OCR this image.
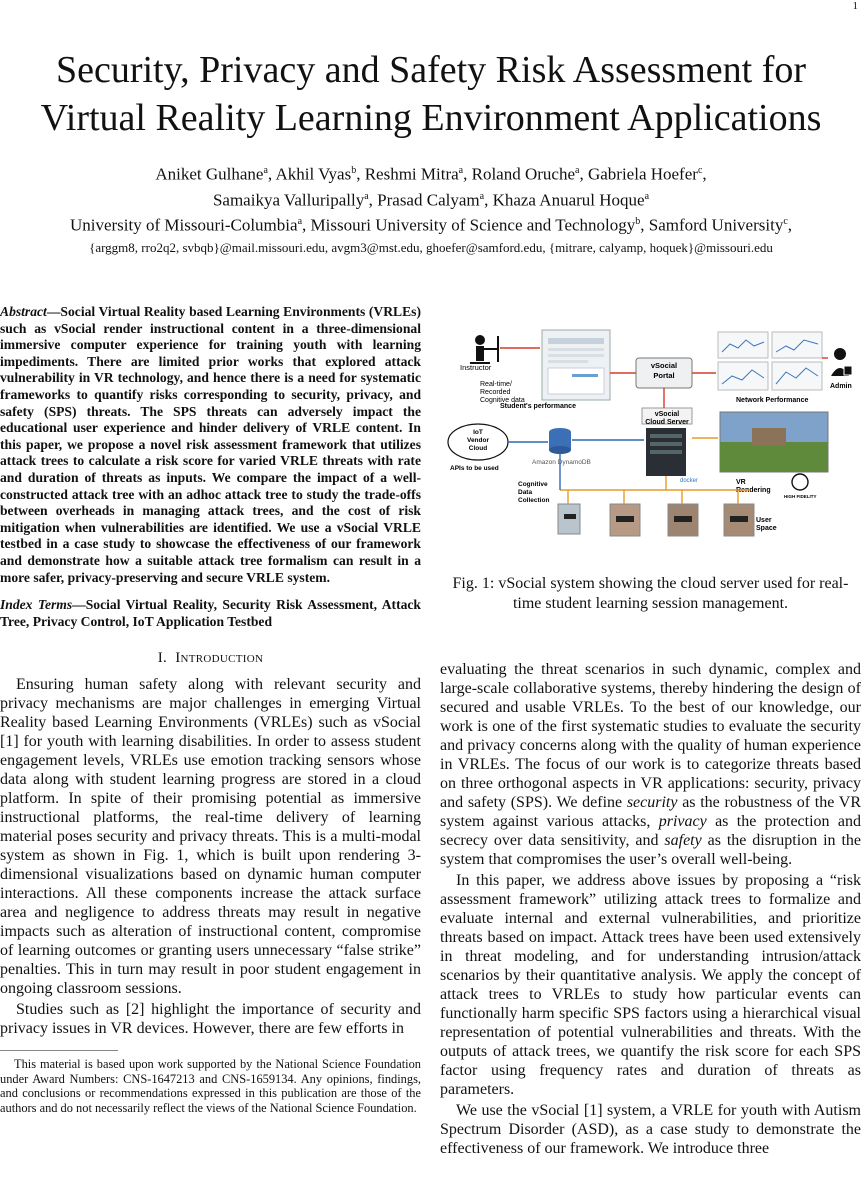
1
Security, Privacy and Safety Risk Assessment for Virtual Reality Learning Environment Applications
Aniket Gulhane$^a$, Akhil Vyas$^b$, Reshmi Mitra$^a$, Roland Oruche$^a$, Gabriela Hoefer$^c$,
Samaikya Valluripally$^a$, Prasad Calyam$^a$, Khaza Anuarul Hoque$^a$
University of Missouri-Columbia$^a$, Missouri University of Science and Technology$^b$, Samford University$^c$,
{arggm8, rro2q2, svbqb}@mail.missouri.edu, avgm3@mst.edu, ghoefer@samford.edu, {mitrare, calyamp, hoquek}@missouri.edu

Abstract—Social Virtual Reality based Learning Environments (VRLEs) such as vSocial render instructional content in a three-dimensional immersive computer experience for training youth with learning impediments. There are limited prior works that explored attack vulnerability in VR technology, and hence there is a need for systematic frameworks to quantify risks corresponding to security, privacy, and safety (SPS) threats. The SPS threats can adversely impact the educational user experience and hinder delivery of VRLE content. In this paper, we propose a novel risk assessment framework that utilizes attack trees to calculate a risk score for varied VRLE threats with rate and duration of threats as inputs. We compare the impact of a well-constructed attack tree with an adhoc attack tree to study the trade-offs between overheads in managing attack trees, and the cost of risk mitigation when vulnerabilities are identified. We use a vSocial VRLE testbed in a case study to showcase the effectiveness of our framework and demonstrate how a suitable attack tree formalism can result in a more safer, privacy-preserving and secure VRLE system.

Index Terms—Social Virtual Reality, Security Risk Assessment, Attack Tree, Privacy Control, IoT Application Testbed

I. Introduction

Ensuring human safety along with relevant security and privacy mechanisms are major challenges in emerging Virtual Reality based Learning Environments (VRLEs) such as vSocial [1] for youth with learning disabilities. In order to assess student engagement levels, VRLEs use emotion tracking sensors whose data along with student learning progress are stored in a cloud platform. In spite of their promising potential as immersive instructional platforms, the real-time delivery of learning material poses security and privacy threats. This is a multi-modal system as shown in Fig. 1, which is built upon rendering 3-dimensional visualizations based on dynamic human computer interactions. All these components increase the attack surface area and negligence to address threats may result in negative impacts such as alteration of instructional content, compromise of learning outcomes or granting users unnecessary “false strike” penalties. This in turn may result in poor student engagement in ongoing classroom sessions.

Studies such as [2] highlight the importance of security and privacy issues in VR devices. However, there are few efforts in

This material is based upon work supported by the National Science Foundation under Award Numbers: CNS-1647213 and CNS-1659134. Any opinions, findings, and conclusions or recommendations expressed in this publication are those of the authors and do not necessarily reflect the views of the National Science Foundation.

Instructor
Real-time/
Recorded
Cognitive data
Student's performance
vSocial
Portal
Network Performance
Admin
vSocial
Cloud Server
docker
IoT
Vendor
Cloud
APIs to be used
Amazon DynamoDB
VR
Rendering
HIGH FIDELITY
Cognitive
Data
Collection
User
Space
Fig. 1: vSocial system showing the cloud server used for real-time student learning session management.

evaluating the threat scenarios in such dynamic, complex and large-scale collaborative systems, thereby hindering the design of secured and usable VRLEs. To the best of our knowledge, our work is one of the first systematic studies to evaluate the security and privacy concerns along with the quality of human experience in VRLEs. The focus of our work is to categorize threats based on three orthogonal aspects in VR applications: security, privacy and safety (SPS). We define security as the robustness of the VR system against various attacks, privacy as the protection and secrecy over data sensitivity, and safety as the disruption in the system that compromises the user’s overall well-being.

In this paper, we address above issues by proposing a “risk assessment framework” utilizing attack trees to formalize and evaluate internal and external vulnerabilities, and prioritize threats based on impact. Attack trees have been used extensively in threat modeling, and for understanding intrusion/attack scenarios by their quantitative analysis. We apply the concept of attack trees to VRLEs to study how particular events can functionally harm specific SPS factors using a hierarchical visual representation of potential vulnerabilities and threats. With the outputs of attack trees, we quantify the risk score for each SPS factor using frequency rates and duration of threats as parameters.

We use the vSocial [1] system, a VRLE for youth with Autism Spectrum Disorder (ASD), as a case study to demonstrate the effectiveness of our framework. We introduce three
